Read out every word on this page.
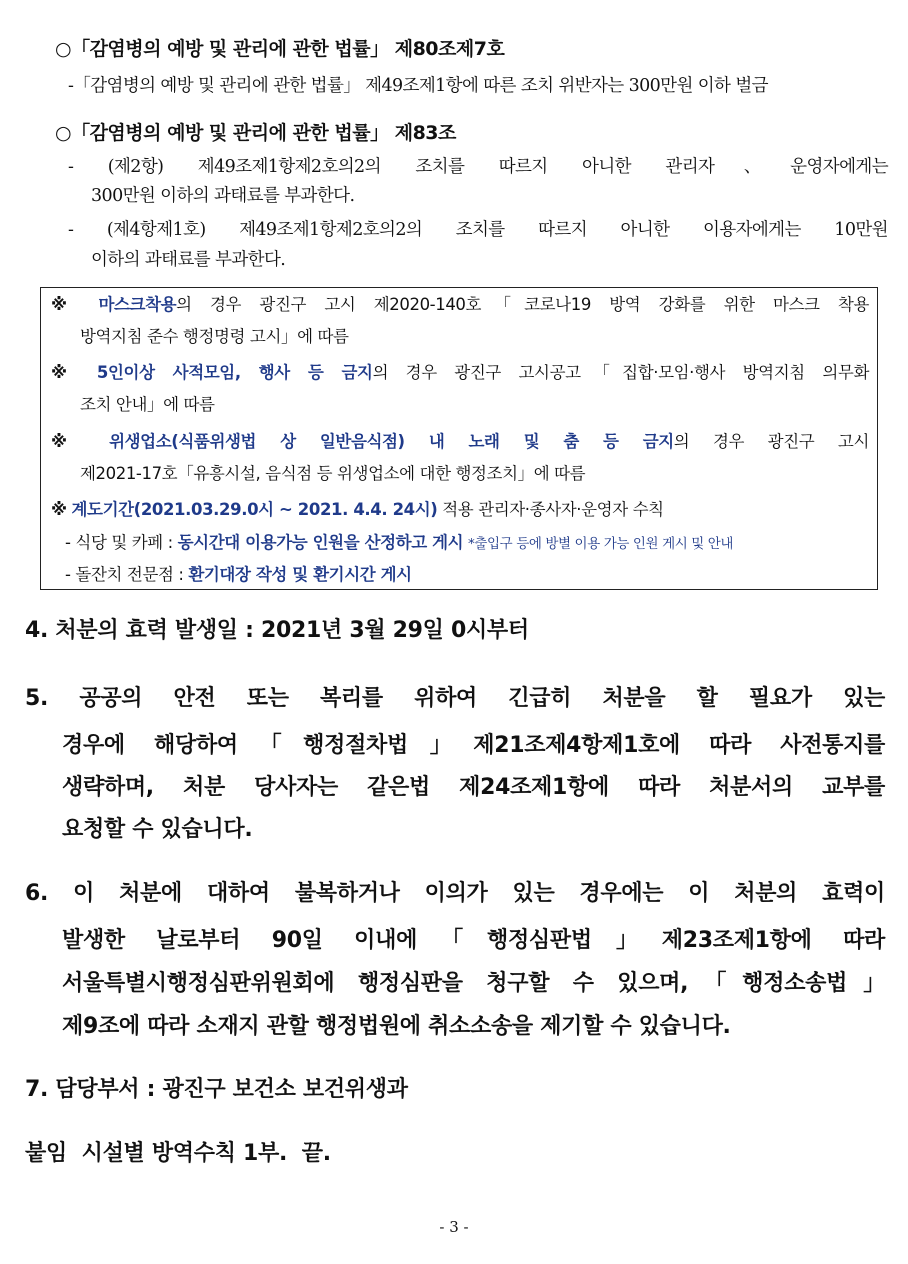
○「감염병의 예방 및 관리에 관한 법률」 제80조제7호
-「감염병의 예방 및 관리에 관한 법률」 제49조제1항에 따른 조치 위반자는 300만원 이하 벌금
○「감염병의 예방 및 관리에 관한 법률」 제83조
- (제2항) 제49조제1항제2호의2의 조치를 따르지 아니한 관리자、운영자에게는
300만원 이하의 과태료를 부과한다.
- (제4항제1호) 제49조제1항제2호의2의 조치를 따르지 아니한 이용자에게는 10만원
이하의 과태료를 부과한다.
※ 마스크착용의 경우 광진구 고시 제2020-140호「코로나19 방역 강화를 위한 마스크 착용
방역지침 준수 행정명령 고시」에 따름
※ 5인이상 사적모임, 행사 등 금지의 경우 광진구 고시공고「집합·모임·행사 방역지침 의무화
조치 안내」에 따름
※ 위생업소(식품위생법 상 일반음식점) 내 노래 및 춤 등 금지의 경우 광진구 고시
제2021-17호「유흥시설, 음식점 등 위생업소에 대한 행정조치」에 따름
※ 계도기간(2021.03.29.0시 ~ 2021. 4.4. 24시) 적용 관리자·종사자·운영자 수칙
- 식당 및 카페 : 동시간대 이용가능 인원을 산정하고 게시 *출입구 등에 방별 이용 가능 인원 게시 및 안내
- 돌잔치 전문점 : 환기대장 작성 및 환기시간 게시
4. 처분의 효력 발생일 : 2021년 3월 29일 0시부터
5. 공공의 안전 또는 복리를 위하여 긴급히 처분을 할 필요가 있는
경우에 해당하여「행정절차법」제21조제4항제1호에 따라 사전통지를
생략하며, 처분 당사자는 같은법 제24조제1항에 따라 처분서의 교부를
요청할 수 있습니다.
6. 이 처분에 대하여 불복하거나 이의가 있는 경우에는 이 처분의 효력이
발생한 날로부터 90일 이내에「행정심판법」제23조제1항에 따라
서울특별시행정심판위원회에 행정심판을 청구할 수 있으며,「행정소송법」
제9조에 따라 소재지 관할 행정법원에 취소소송을 제기할 수 있습니다.
7. 담당부서 : 광진구 보건소 보건위생과
붙임  시설별 방역수칙 1부.  끝.
- 3 -
